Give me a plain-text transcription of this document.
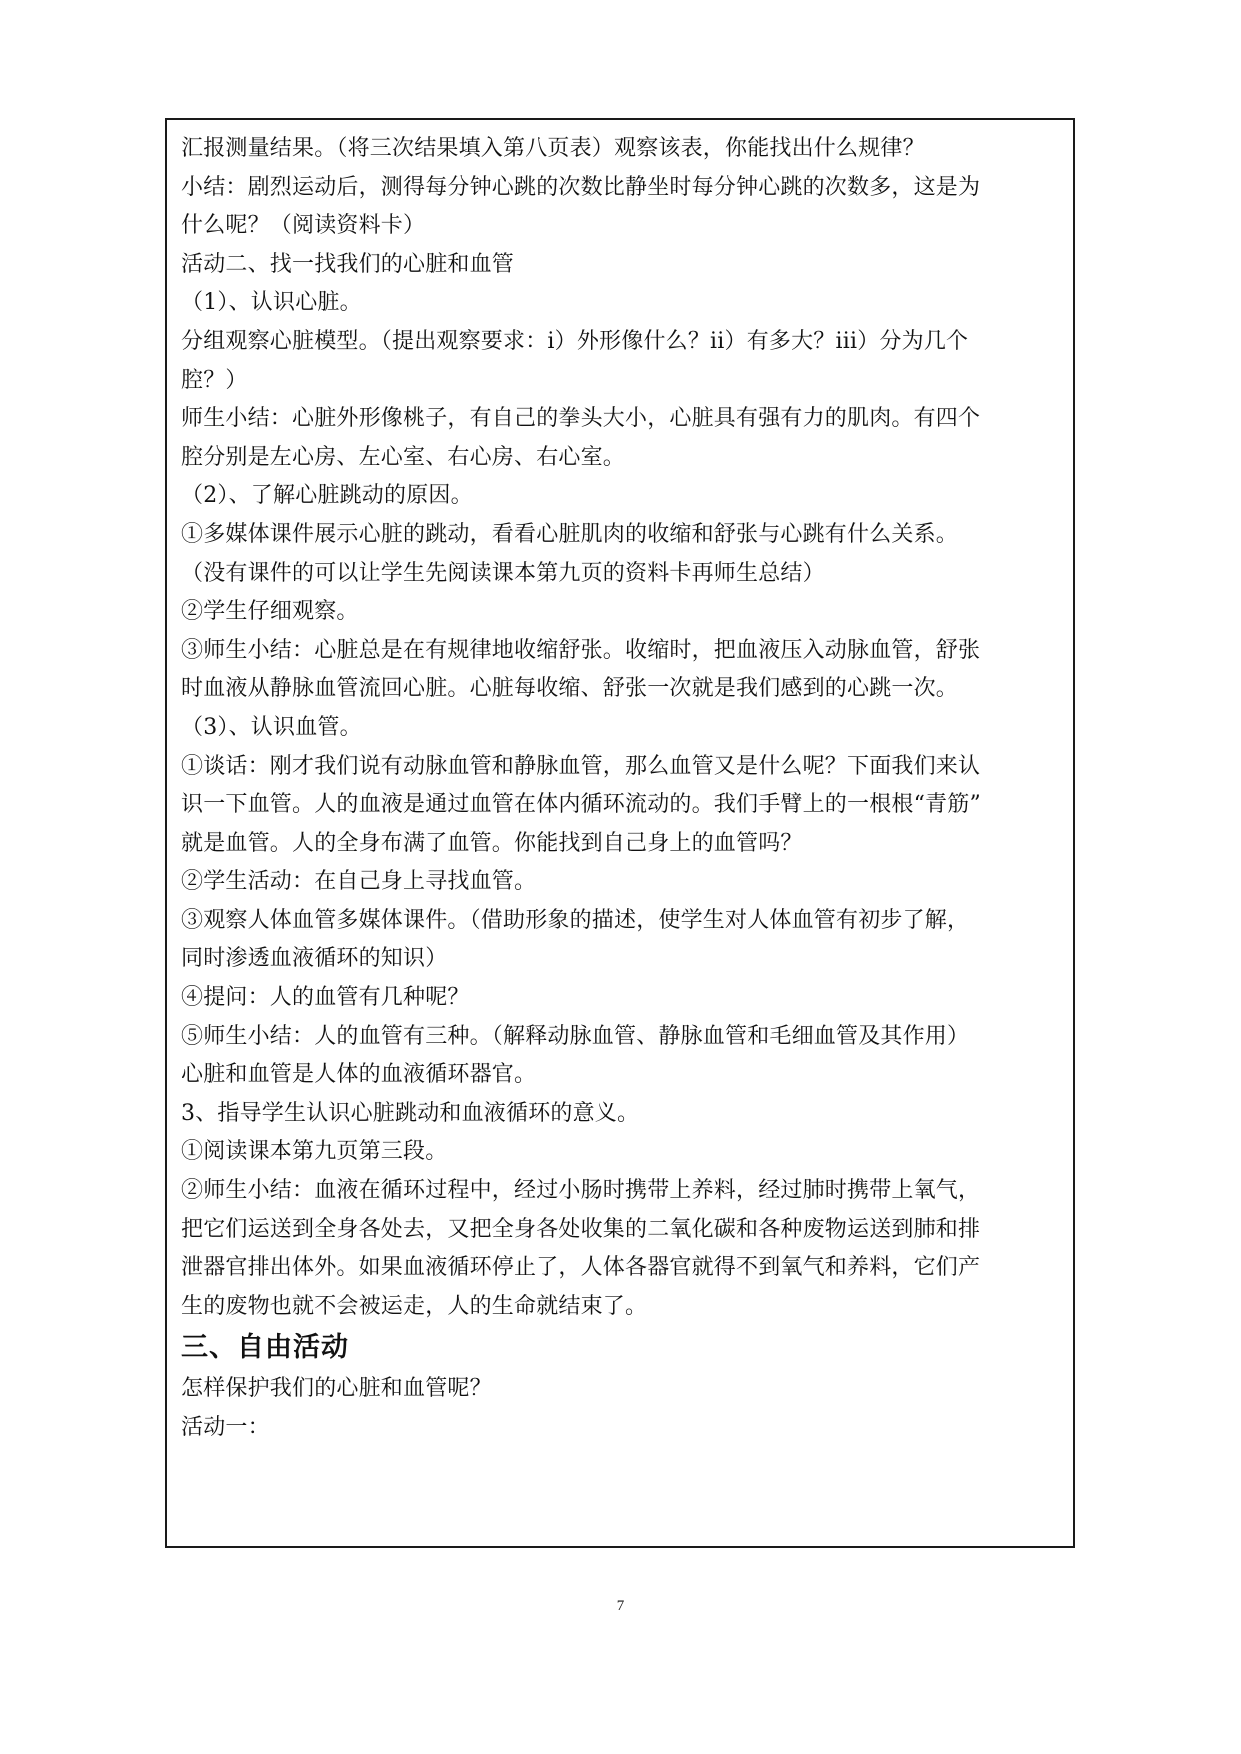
汇报测量结果。（将三次结果填入第八页表）观察该表，你能找出什么规律？

小结：剧烈运动后，测得每分钟心跳的次数比静坐时每分钟心跳的次数多，这是为

什么呢？（阅读资料卡）

活动二、找一找我们的心脏和血管

（1）、认识心脏。

分组观察心脏模型。（提出观察要求：i）外形像什么？ii）有多大？iii）分为几个

腔？）

师生小结：心脏外形像桃子，有自己的拳头大小，心脏具有强有力的肌肉。有四个

腔分别是左心房、左心室、右心房、右心室。

（2）、了解心脏跳动的原因。

①多媒体课件展示心脏的跳动，看看心脏肌肉的收缩和舒张与心跳有什么关系。

（没有课件的可以让学生先阅读课本第九页的资料卡再师生总结）

②学生仔细观察。

③师生小结：心脏总是在有规律地收缩舒张。收缩时，把血液压入动脉血管，舒张

时血液从静脉血管流回心脏。心脏每收缩、舒张一次就是我们感到的心跳一次。

（3）、认识血管。

①谈话：刚才我们说有动脉血管和静脉血管，那么血管又是什么呢？下面我们来认

识一下血管。人的血液是通过血管在体内循环流动的。我们手臂上的一根根“青筋”

就是血管。人的全身布满了血管。你能找到自己身上的血管吗？

②学生活动：在自己身上寻找血管。

③观察人体血管多媒体课件。（借助形象的描述，使学生对人体血管有初步了解，

同时渗透血液循环的知识）

④提问：人的血管有几种呢？

⑤师生小结：人的血管有三种。（解释动脉血管、静脉血管和毛细血管及其作用）

心脏和血管是人体的血液循环器官。

3、指导学生认识心脏跳动和血液循环的意义。

①阅读课本第九页第三段。

②师生小结：血液在循环过程中，经过小肠时携带上养料，经过肺时携带上氧气，

把它们运送到全身各处去，又把全身各处收集的二氧化碳和各种废物运送到肺和排

泄器官排出体外。如果血液循环停止了，人体各器官就得不到氧气和养料，它们产

生的废物也就不会被运走，人的生命就结束了。

三、自由活动

怎样保护我们的心脏和血管呢？

活动一：

7
